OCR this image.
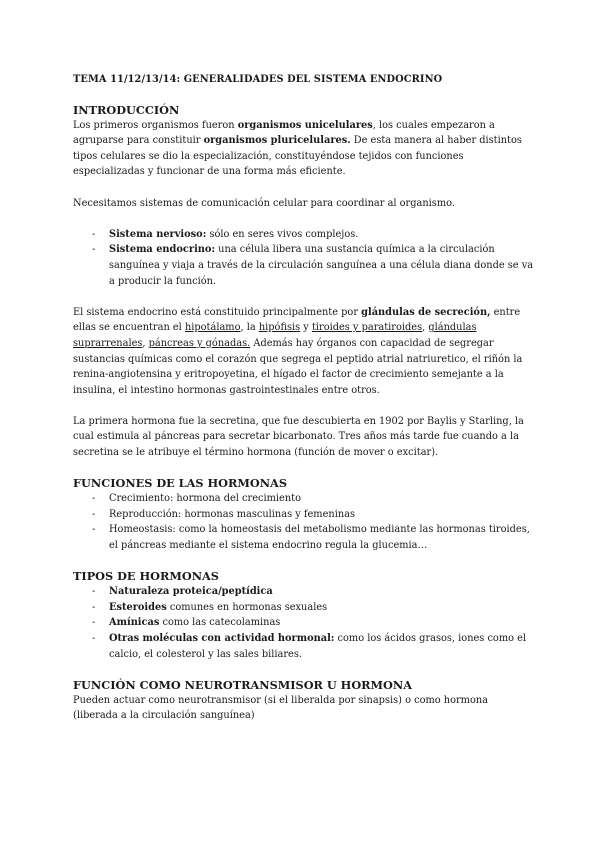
TEMA 11/12/13/14: GENERALIDADES DEL SISTEMA ENDOCRINO

INTRODUCCIÓN

Los primeros organismos fueron organismos unicelulares, los cuales empezaron a agruparse para constituir organismos pluricelulares. De esta manera al haber distintos tipos celulares se dio la especialización, constituyéndose tejidos con funciones especializadas y funcionar de una forma más eficiente.

Necesitamos sistemas de comunicación celular para coordinar al organismo.

- Sistema nervioso: sólo en seres vivos complejos.
- Sistema endocrino: una célula libera una sustancia química a la circulación sanguínea y viaja a través de la circulación sanguínea a una célula diana donde se va a producir la función.

El sistema endocrino está constituido principalmente por glándulas de secreción, entre ellas se encuentran el hipotálamo, la hipófisis y tiroides y paratiroides, glándulas suprarrenales, páncreas y gónadas. Además hay órganos con capacidad de segregar sustancias químicas como el corazón que segrega el peptido atrial natriuretico, el riñón la renina-angiotensina y eritropoyetina, el hígado el factor de crecimiento semejante a la insulina, el intestino hormonas gastrointestinales entre otros.

La primera hormona fue la secretina, que fue descubierta en 1902 por Baylis y Starling, la cual estimula al páncreas para secretar bicarbonato. Tres años más tarde fue cuando a la secretina se le atribuye el término hormona (función de mover o excitar).

FUNCIONES DE LAS HORMONAS

- Crecimiento: hormona del crecimiento
- Reproducción: hormonas masculinas y femeninas
- Homeostasis: como la homeostasis del metabolismo mediante las hormonas tiroides, el páncreas mediante el sistema endocrino regula la glucemia…

TIPOS DE HORMONAS

- Naturaleza proteica/peptídica
- Esteroides comunes en hormonas sexuales
- Amínicas como las catecolaminas
- Otras moléculas con actividad hormonal: como los ácidos grasos, iones como el calcio, el colesterol y las sales biliares.

FUNCIÓN COMO NEUROTRANSMISOR U HORMONA

Pueden actuar como neurotransmisor (si el liberalda por sinapsis) o como hormona (liberada a la circulación sanguínea)
